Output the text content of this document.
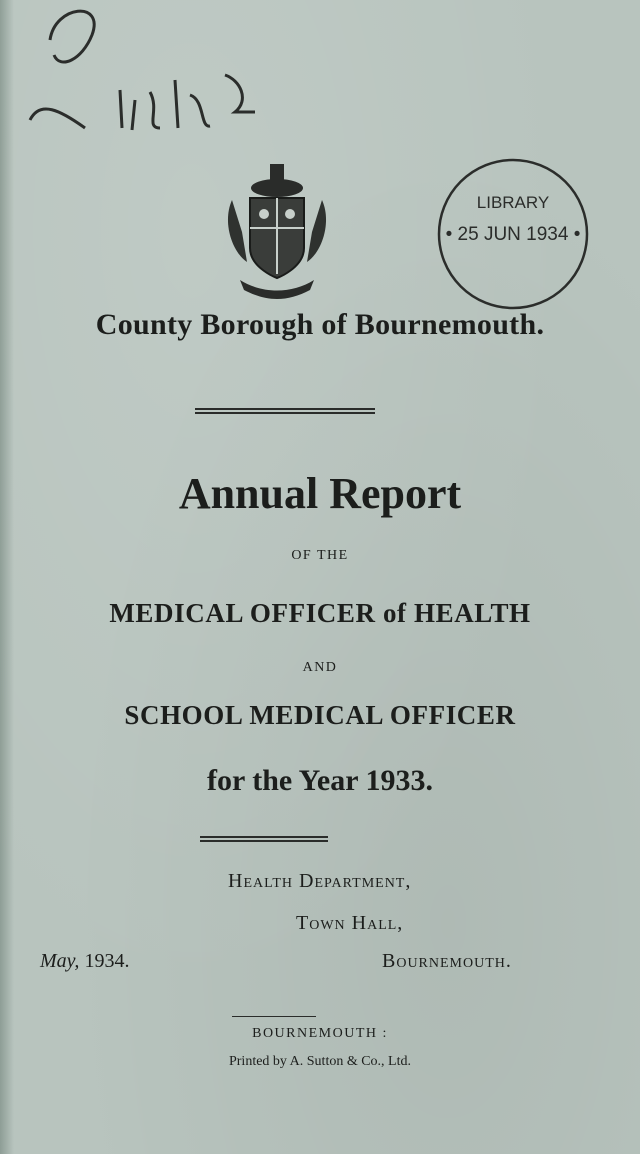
‌
LIBRARY
• 25 JUN 1934 •
‌
County Borough of Bournemouth.
Annual Report
OF THE
MEDICAL OFFICER of HEALTH
AND
SCHOOL MEDICAL OFFICER
for the Year 1933.
Health Department,
Town Hall,
Bournemouth.
May, 1934.
BOURNEMOUTH :
Printed by A. Sutton & Co., Ltd.
